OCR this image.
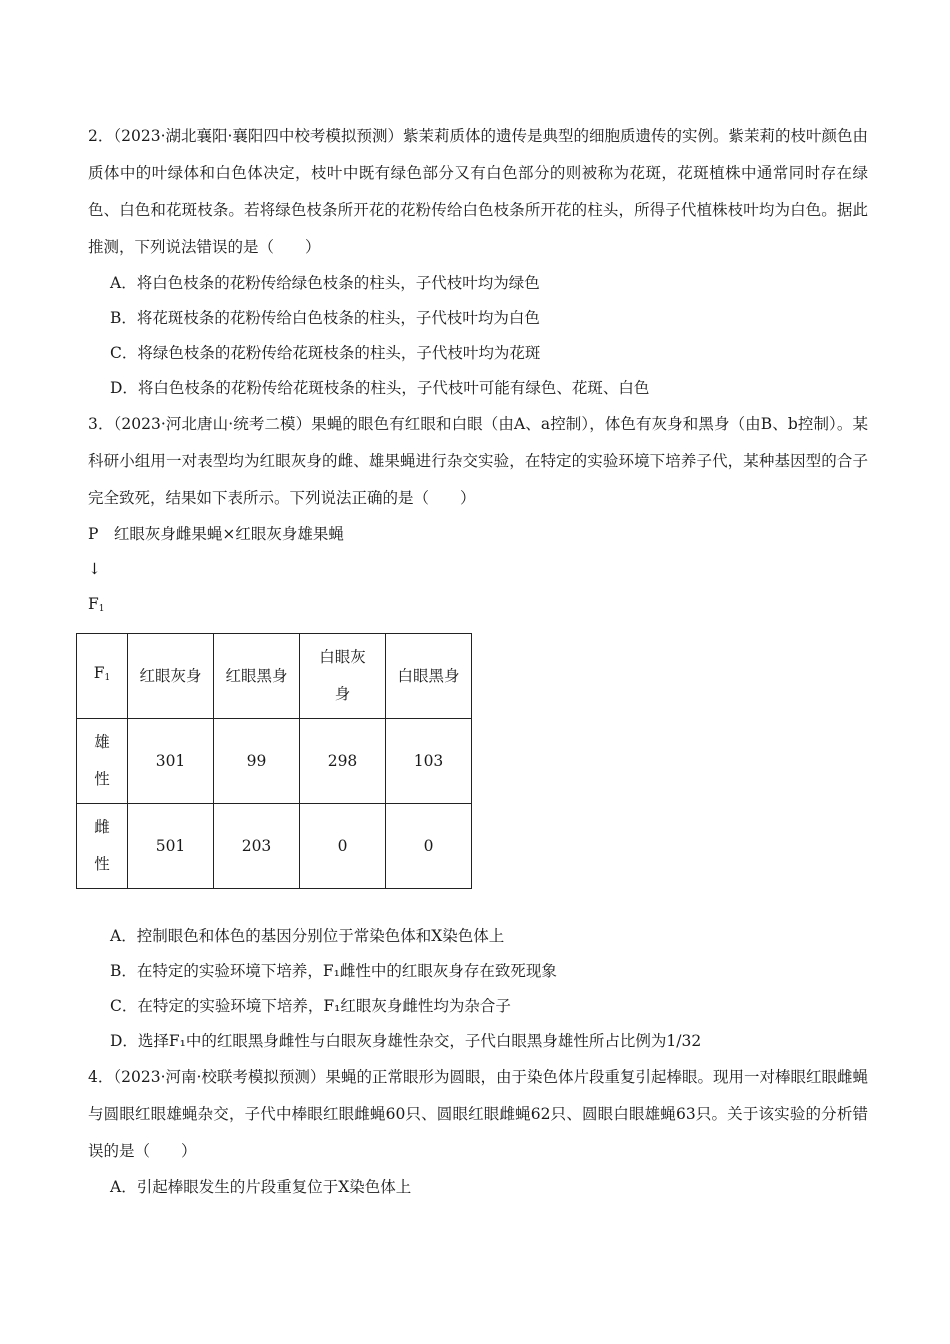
2．（2023·湖北襄阳·襄阳四中校考模拟预测）紫茉莉质体的遗传是典型的细胞质遗传的实例。紫茉莉的枝叶颜色由质体中的叶绿体和白色体决定，枝叶中既有绿色部分又有白色部分的则被称为花斑，花斑植株中通常同时存在绿色、白色和花斑枝条。若将绿色枝条所开花的花粉传给白色枝条所开花的柱头，所得子代植株枝叶均为白色。据此推测，下列说法错误的是（　　）

A．将白色枝条的花粉传给绿色枝条的柱头，子代枝叶均为绿色

B．将花斑枝条的花粉传给白色枝条的柱头，子代枝叶均为白色

C．将绿色枝条的花粉传给花斑枝条的柱头，子代枝叶均为花斑

D．将白色枝条的花粉传给花斑枝条的柱头，子代枝叶可能有绿色、花斑、白色

3．（2023·河北唐山·统考二模）果蝇的眼色有红眼和白眼（由A、a控制），体色有灰身和黑身（由B、b控制）。某科研小组用一对表型均为红眼灰身的雌、雄果蝇进行杂交实验，在特定的实验环境下培养子代，某种基因型的合子完全致死，结果如下表所示。下列说法正确的是（　　）

P　红眼灰身雌果蝇×红眼灰身雄果蝇

↓

$F_1$

$F_1$	红眼灰身	红眼黑身	白眼灰身	白眼黑身
雄性	301	99	298	103
雌性	501	203	0	0

A．控制眼色和体色的基因分别位于常染色体和X染色体上

B．在特定的实验环境下培养，F₁雌性中的红眼灰身存在致死现象

C．在特定的实验环境下培养，F₁红眼灰身雌性均为杂合子

D．选择F₁中的红眼黑身雌性与白眼灰身雄性杂交，子代白眼黑身雄性所占比例为1/32

4．（2023·河南·校联考模拟预测）果蝇的正常眼形为圆眼，由于染色体片段重复引起棒眼。现用一对棒眼红眼雌蝇与圆眼红眼雄蝇杂交，子代中棒眼红眼雌蝇60只、圆眼红眼雌蝇62只、圆眼白眼雄蝇63只。关于该实验的分析错误的是（　　）

A．引起棒眼发生的片段重复位于X染色体上
